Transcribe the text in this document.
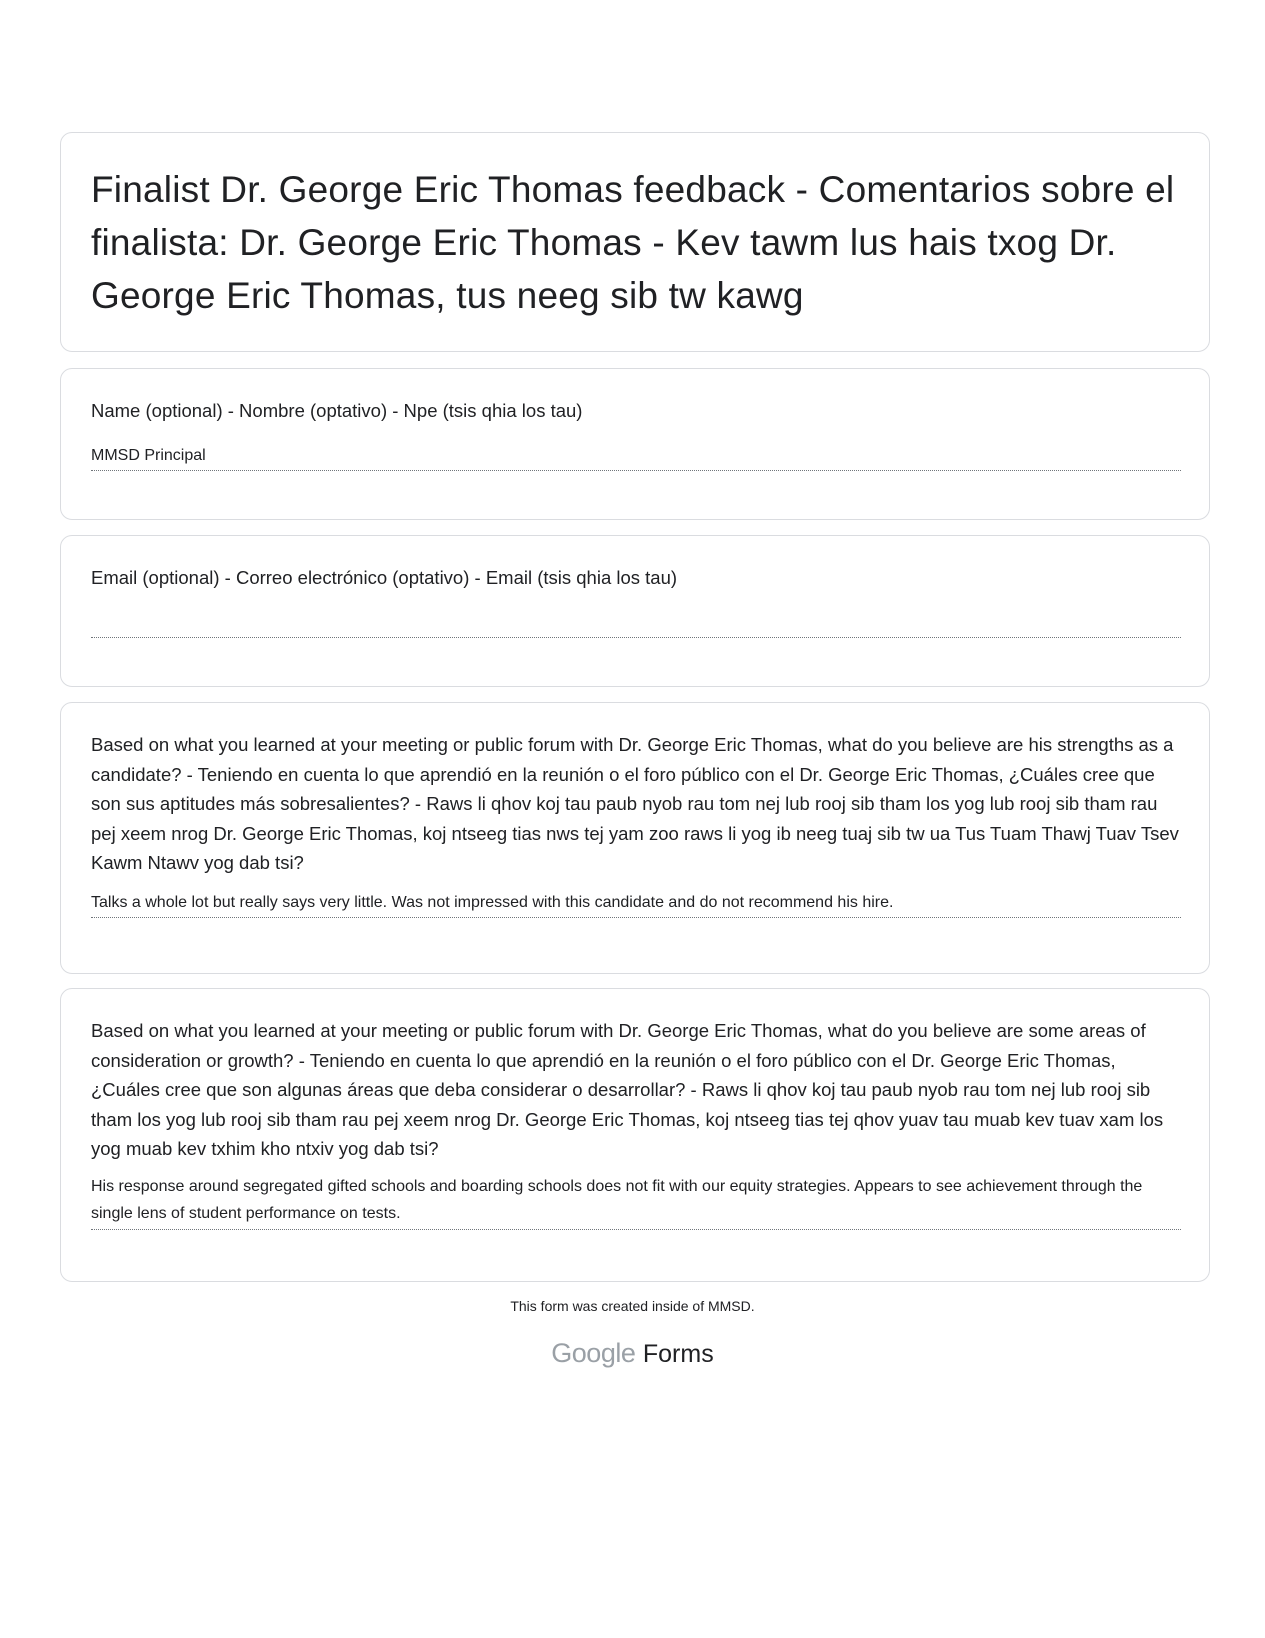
Finalist Dr. George Eric Thomas feedback - Comentarios sobre el finalista: Dr. George Eric Thomas - Kev tawm lus hais txog Dr. George Eric Thomas, tus neeg sib tw kawg

Name (optional) - Nombre (optativo) - Npe (tsis qhia los tau)

MMSD Principal

Email (optional) - Correo electrónico (optativo) - Email (tsis qhia los tau)

Based on what you learned at your meeting or public forum with Dr. George Eric Thomas, what do you believe are his strengths as a candidate? - Teniendo en cuenta lo que aprendió en la reunión o el foro público con el Dr. George Eric Thomas, ¿Cuáles cree que son sus aptitudes más sobresalientes? - Raws li qhov koj tau paub nyob rau tom nej lub rooj sib tham los yog lub rooj sib tham rau pej xeem nrog Dr. George Eric Thomas, koj ntseeg tias nws tej yam zoo raws li yog ib neeg tuaj sib tw ua Tus Tuam Thawj Tuav Tsev Kawm Ntawv yog dab tsi?

Talks a whole lot but really says very little. Was not impressed with this candidate and do not recommend his hire.

Based on what you learned at your meeting or public forum with Dr. George Eric Thomas, what do you believe are some areas of consideration or growth? - Teniendo en cuenta lo que aprendió en la reunión o el foro público con el Dr. George Eric Thomas, ¿Cuáles cree que son algunas áreas que deba considerar o desarrollar? - Raws li qhov koj tau paub nyob rau tom nej lub rooj sib tham los yog lub rooj sib tham rau pej xeem nrog Dr. George Eric Thomas, koj ntseeg tias tej qhov yuav tau muab kev tuav xam los yog muab kev txhim kho ntxiv yog dab tsi?

His response around segregated gifted schools and boarding schools does not fit with our equity strategies. Appears to see achievement through the single lens of student performance on tests.
This form was created inside of MMSD.
Google Forms
